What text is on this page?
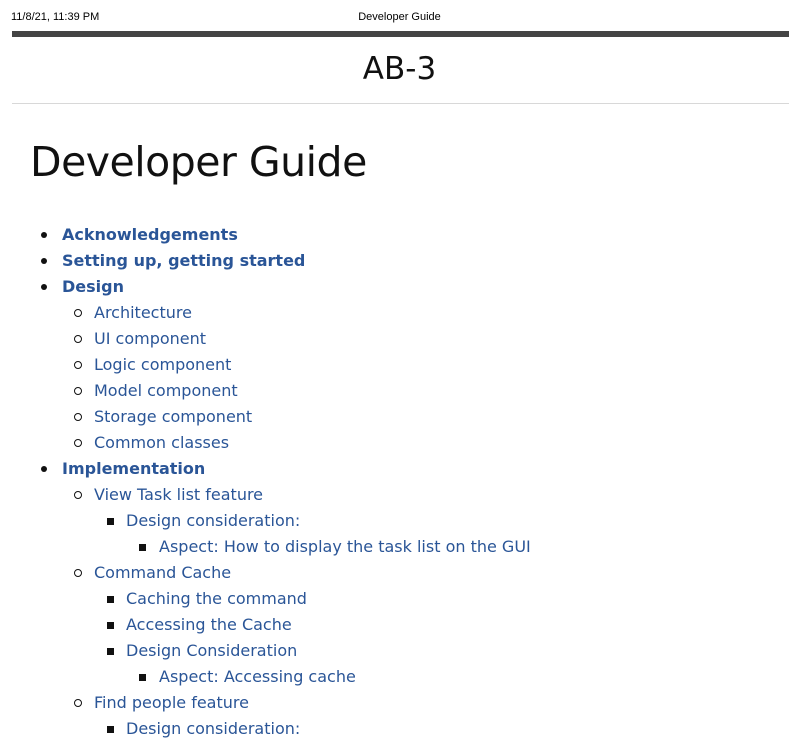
11/8/21, 11:39 PM	Developer Guide
AB-3
Developer Guide
Acknowledgements
Setting up, getting started
Design
Architecture
UI component
Logic component
Model component
Storage component
Common classes
Implementation
View Task list feature
Design consideration:
Aspect: How to display the task list on the GUI
Command Cache
Caching the command
Accessing the Cache
Design Consideration
Aspect: Accessing cache
Find people feature
Design consideration:
